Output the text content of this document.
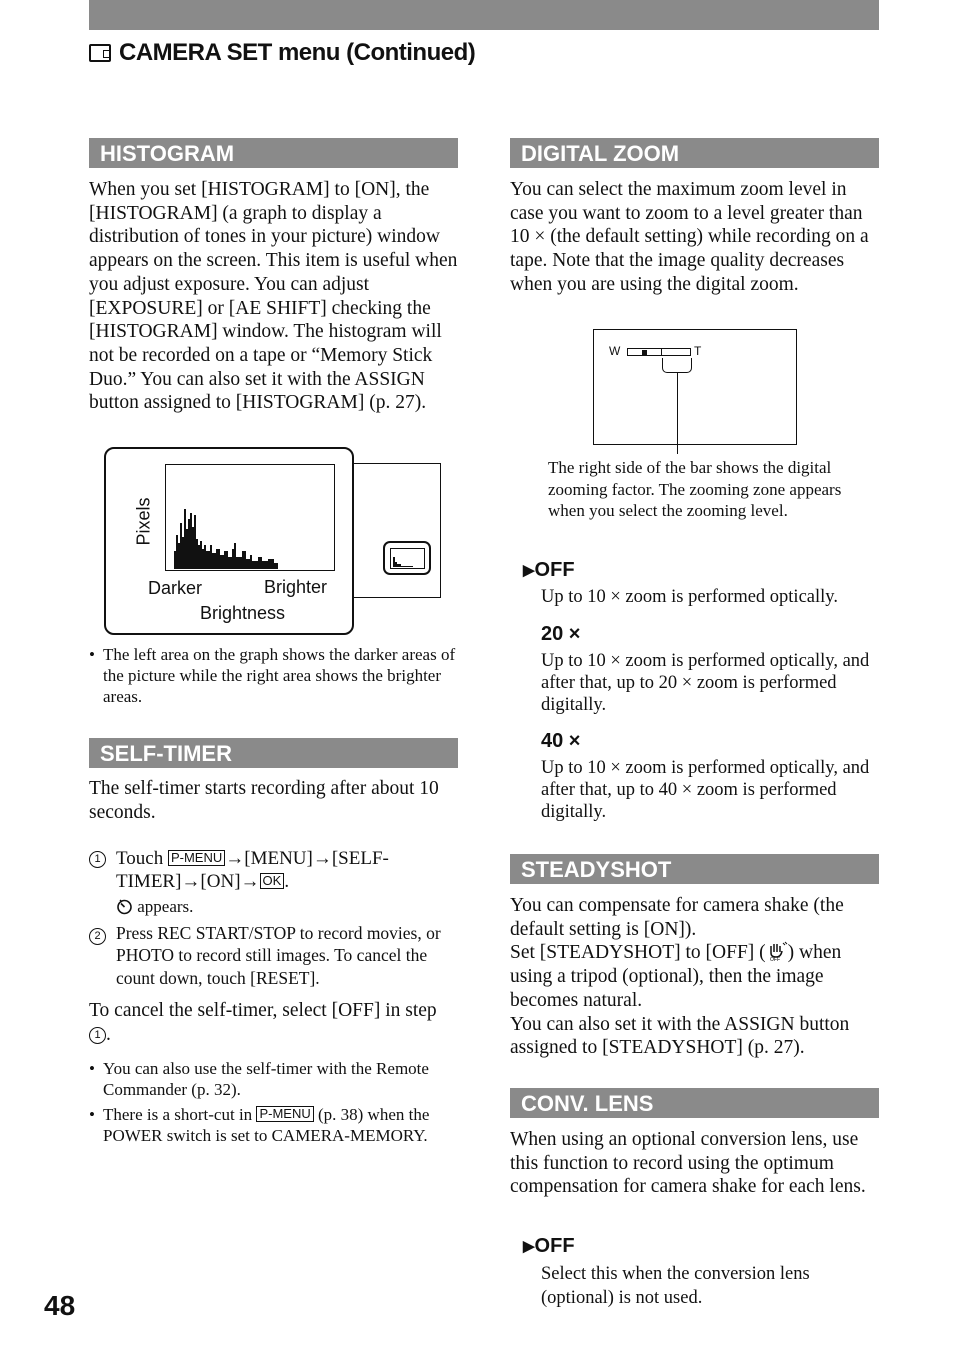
CAMERA SET menu (Continued)
HISTOGRAM
When you set [HISTOGRAM] to [ON], the [HISTOGRAM] (a graph to display a distribution of tones in your picture) window appears on the screen. This item is useful when you adjust exposure. You can adjust [EXPOSURE] or [AE SHIFT] checking the [HISTOGRAM] window. The histogram will not be recorded on a tape or “Memory Stick Duo.” You can also set it with the ASSIGN button assigned to [HISTOGRAM] (p. 27).
Pixels
Darker	Brighter
Brightness
• The left area on the graph shows the darker areas of the picture while the right area shows the brighter areas.
SELF-TIMER
The self-timer starts recording after about 10 seconds.
1 Touch P-MENU →[MENU]→[SELF-TIMER]→[ON]→ OK .
appears.
2 Press REC START/STOP to record movies, or PHOTO to record still images. To cancel the count down, touch [RESET].
To cancel the self-timer, select [OFF] in step 1 .
• You can also use the self-timer with the Remote Commander (p. 32).
• There is a short-cut in P-MENU (p. 38) when the POWER switch is set to CAMERA-MEMORY.
DIGITAL ZOOM
You can select the maximum zoom level in case you want to zoom to a level greater than 10 × (the default setting) while recording on a tape. Note that the image quality decreases when you are using the digital zoom.
W	T
The right side of the bar shows the digital zooming factor. The zooming zone appears when you select the zooming level.
▶OFF
Up to 10 × zoom is performed optically.
20 ×
Up to 10 × zoom is performed optically, and after that, up to 20 × zoom is performed digitally.
40 ×
Up to 10 × zoom is performed optically, and after that, up to 40 × zoom is performed digitally.
STEADYSHOT
You can compensate for camera shake (the default setting is [ON]).
Set [STEADYSHOT] to [OFF] ( OFF ) when using a tripod (optional), then the image becomes natural.
You can also set it with the ASSIGN button assigned to [STEADYSHOT] (p. 27).
CONV. LENS
When using an optional conversion lens, use this function to record using the optimum compensation for camera shake for each lens.
▶OFF
Select this when the conversion lens (optional) is not used.
48
